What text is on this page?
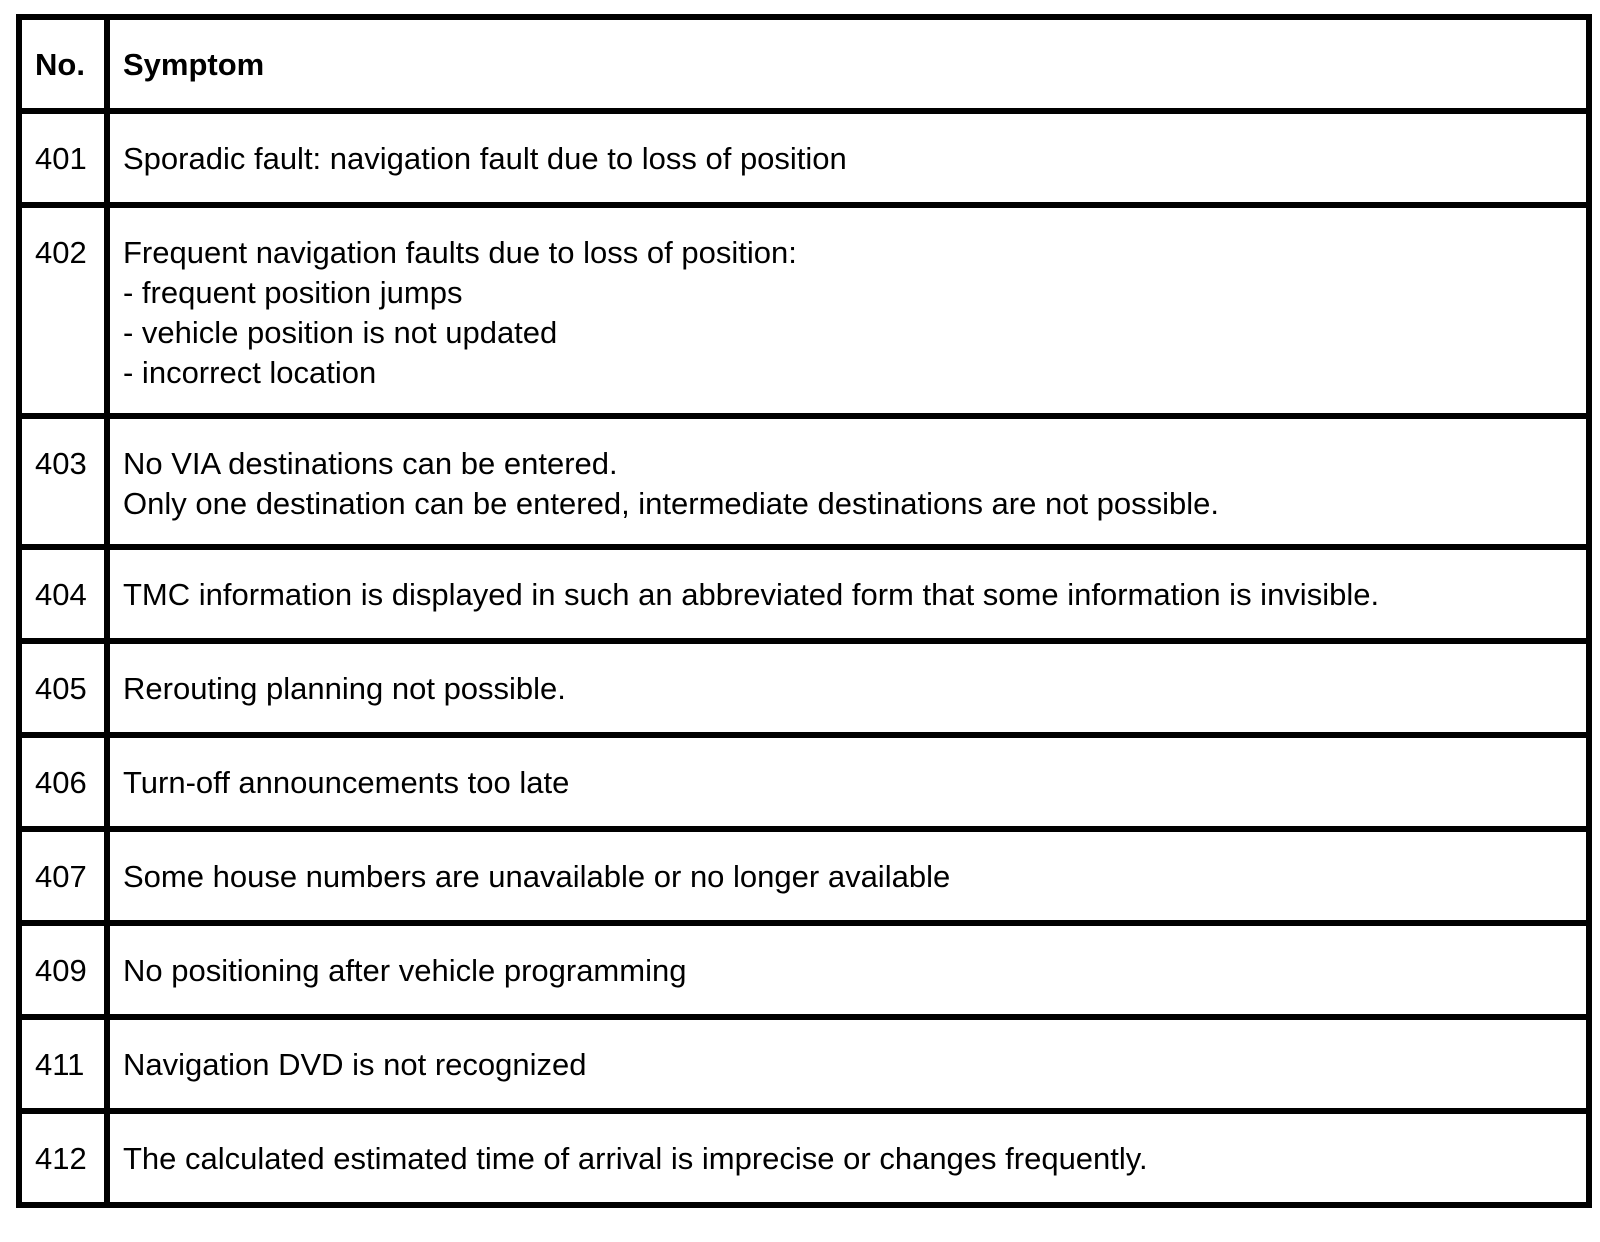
No.	Symptom
401	Sporadic fault: navigation fault due to loss of position

402	Frequent navigation faults due to loss of position:
- frequent position jumps
- vehicle position is not updated
- incorrect location

403	No VIA destinations can be entered.
Only one destination can be entered, intermediate destinations are not possible.

404	TMC information is displayed in such an abbreviated form that some information is invisible.

405	Rerouting planning not possible.

406	Turn-off announcements too late

407	Some house numbers are unavailable or no longer available

409	No positioning after vehicle programming

411	Navigation DVD is not recognized

412	The calculated estimated time of arrival is imprecise or changes frequently.
